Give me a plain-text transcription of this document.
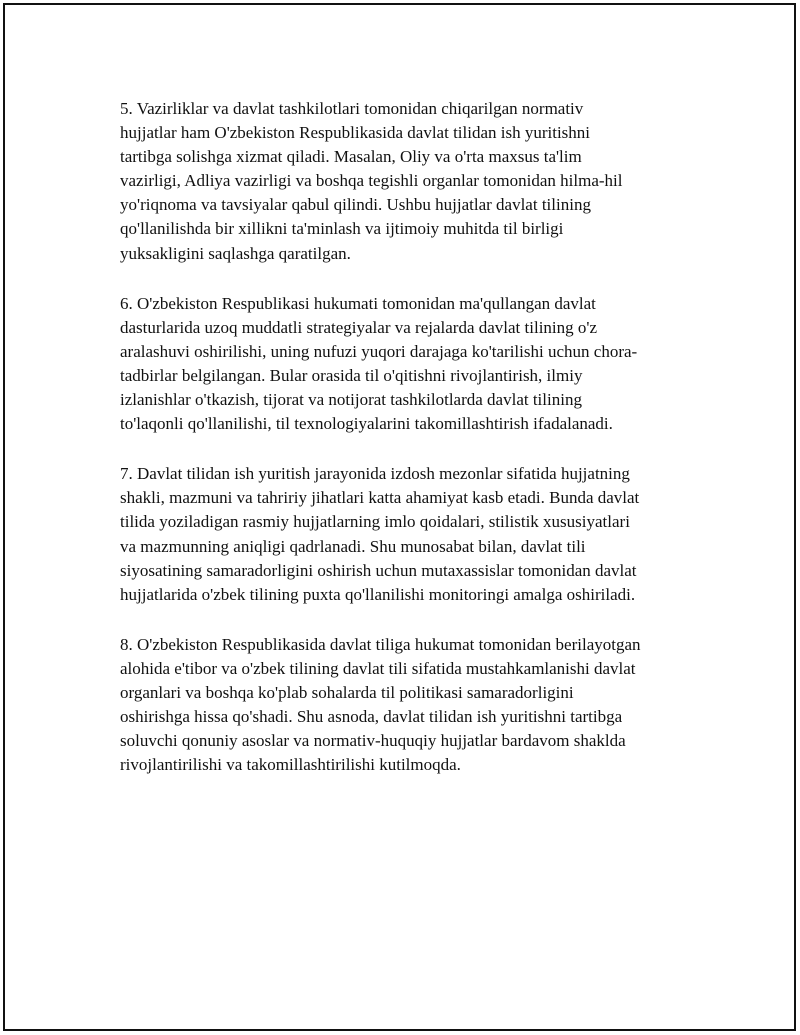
5. Vazirliklar va davlat tashkilotlari tomonidan chiqarilgan normativ
hujjatlar ham O'zbekiston Respublikasida davlat tilidan ish yuritishni
tartibga solishga xizmat qiladi. Masalan, Oliy va o'rta maxsus ta'lim
vazirligi, Adliya vazirligi va boshqa tegishli organlar tomonidan hilma-hil
yo'riqnoma va tavsiyalar qabul qilindi. Ushbu hujjatlar davlat tilining
qo'llanilishda bir xillikni ta'minlash va ijtimoiy muhitda til birligi
yuksakligini saqlashga qaratilgan.

6. O'zbekiston Respublikasi hukumati tomonidan ma'qullangan davlat
dasturlarida uzoq muddatli strategiyalar va rejalarda davlat tilining o'z
aralashuvi oshirilishi, uning nufuzi yuqori darajaga ko'tarilishi uchun chora-
tadbirlar belgilangan. Bular orasida til o'qitishni rivojlantirish, ilmiy
izlanishlar o'tkazish, tijorat va notijorat tashkilotlarda davlat tilining
to'laqonli qo'llanilishi, til texnologiyalarini takomillashtirish ifadalanadi.

7. Davlat tilidan ish yuritish jarayonida izdosh mezonlar sifatida hujjatning
shakli, mazmuni va tahririy jihatlari katta ahamiyat kasb etadi. Bunda davlat
tilida yoziladigan rasmiy hujjatlarning imlo qoidalari, stilistik xususiyatlari
va mazmunning aniqligi qadrlanadi. Shu munosabat bilan, davlat tili
siyosatining samaradorligini oshirish uchun mutaxassislar tomonidan davlat
hujjatlarida o'zbek tilining puxta qo'llanilishi monitoringi amalga oshiriladi.

8. O'zbekiston Respublikasida davlat tiliga hukumat tomonidan berilayotgan
alohida e'tibor va o'zbek tilining davlat tili sifatida mustahkamlanishi davlat
organlari va boshqa ko'plab sohalarda til politikasi samaradorligini
oshirishga hissa qo'shadi. Shu asnoda, davlat tilidan ish yuritishni tartibga
soluvchi qonuniy asoslar va normativ-huquqiy hujjatlar bardavom shaklda
rivojlantirilishi va takomillashtirilishi kutilmoqda.
